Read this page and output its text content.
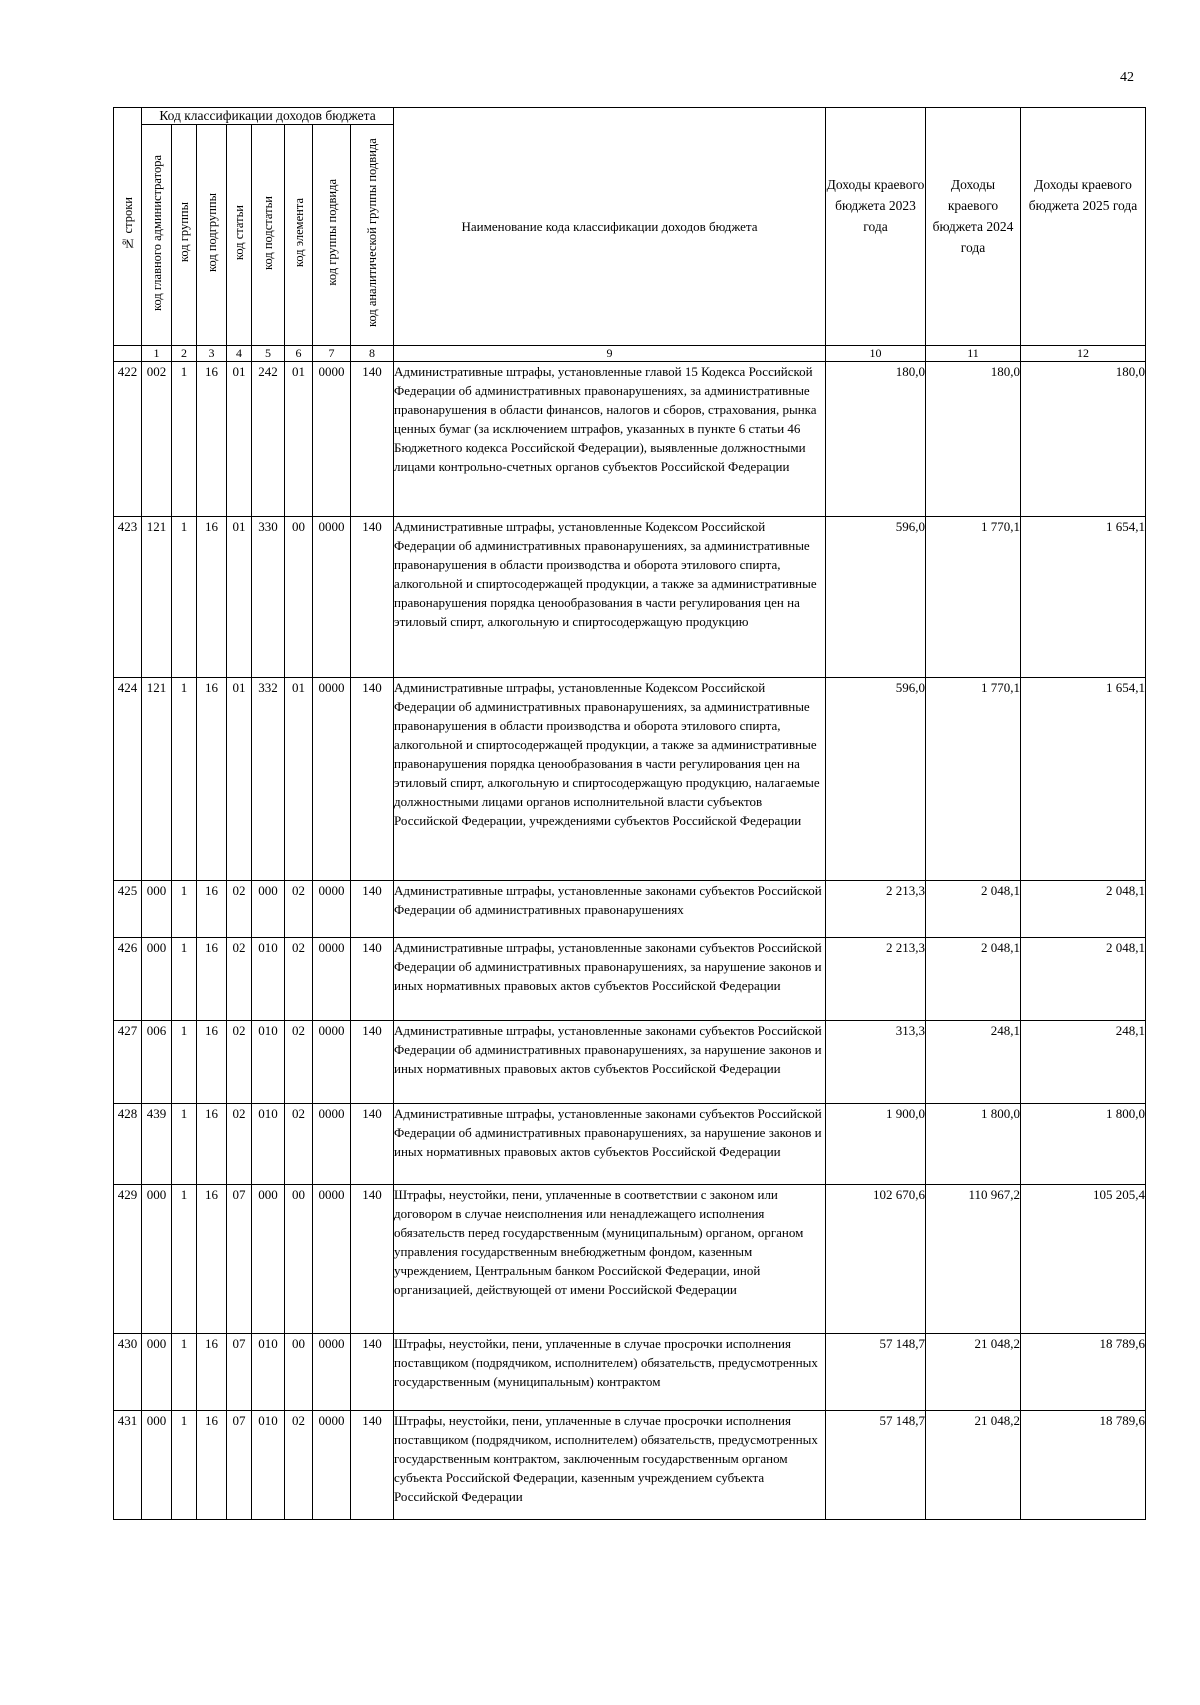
42
№ строки	Код классификации доходов бюджета								Наименование кода классификации доходов бюджета	Доходы краевого бюджета 2023 года	Доходы краевого бюджета 2024 года	Доходы краевого бюджета 2025 года
	код главного администратора	код группы	код подгруппы	код статьи	код подстатьи	код элемента	код группы подвида	код аналитической группы подвида				
	1	2	3	4	5	6	7	8	9	10	11	12
422	002	1	16	01	242	01	0000	140	Административные штрафы, установленные главой 15 Кодекса Российской Федерации об административных правонарушениях, за административные правонарушения в области финансов, налогов и сборов, страхования, рынка ценных бумаг (за исключением штрафов, указанных в пункте 6 статьи 46 Бюджетного кодекса Российской Федерации), выявленные должностными лицами контрольно-счетных органов субъектов Российской Федерации	180,0	180,0	180,0
423	121	1	16	01	330	00	0000	140	Административные штрафы, установленные Кодексом Российской Федерации об административных правонарушениях, за административные правонарушения в области производства и оборота этилового спирта, алкогольной и спиртосодержащей продукции, а также за административные правонарушения порядка ценообразования в части регулирования цен на этиловый спирт, алкогольную и спиртосодержащую продукцию	596,0	1 770,1	1 654,1
424	121	1	16	01	332	01	0000	140	Административные штрафы, установленные Кодексом Российской Федерации об административных правонарушениях, за административные правонарушения в области производства и оборота этилового спирта, алкогольной и спиртосодержащей продукции, а также за административные правонарушения порядка ценообразования в части регулирования цен на этиловый спирт, алкогольную и спиртосодержащую продукцию, налагаемые должностными лицами органов исполнительной власти субъектов Российской Федерации, учреждениями субъектов Российской Федерации	596,0	1 770,1	1 654,1
425	000	1	16	02	000	02	0000	140	Административные штрафы, установленные законами субъектов Российской Федерации об административных правонарушениях	2 213,3	2 048,1	2 048,1
426	000	1	16	02	010	02	0000	140	Административные штрафы, установленные законами субъектов Российской Федерации об административных правонарушениях, за нарушение законов и иных нормативных правовых актов субъектов Российской Федерации	2 213,3	2 048,1	2 048,1
427	006	1	16	02	010	02	0000	140	Административные штрафы, установленные законами субъектов Российской Федерации об административных правонарушениях, за нарушение законов и иных нормативных правовых актов субъектов Российской Федерации	313,3	248,1	248,1
428	439	1	16	02	010	02	0000	140	Административные штрафы, установленные законами субъектов Российской Федерации об административных правонарушениях, за нарушение законов и иных нормативных правовых актов субъектов Российской Федерации	1 900,0	1 800,0	1 800,0
429	000	1	16	07	000	00	0000	140	Штрафы, неустойки, пени, уплаченные в соответствии с законом или договором в случае неисполнения или ненадлежащего исполнения обязательств перед государственным (муниципальным) органом, органом управления государственным внебюджетным фондом, казенным учреждением, Центральным банком Российской Федерации, иной организацией, действующей от имени Российской Федерации	102 670,6	110 967,2	105 205,4
430	000	1	16	07	010	00	0000	140	Штрафы, неустойки, пени, уплаченные в случае просрочки исполнения поставщиком (подрядчиком, исполнителем) обязательств, предусмотренных государственным (муниципальным) контрактом	57 148,7	21 048,2	18 789,6
431	000	1	16	07	010	02	0000	140	Штрафы, неустойки, пени, уплаченные в случае просрочки исполнения поставщиком (подрядчиком, исполнителем) обязательств, предусмотренных государственным контрактом, заключенным государственным органом субъекта Российской Федерации, казенным учреждением субъекта Российской Федерации	57 148,7	21 048,2	18 789,6
